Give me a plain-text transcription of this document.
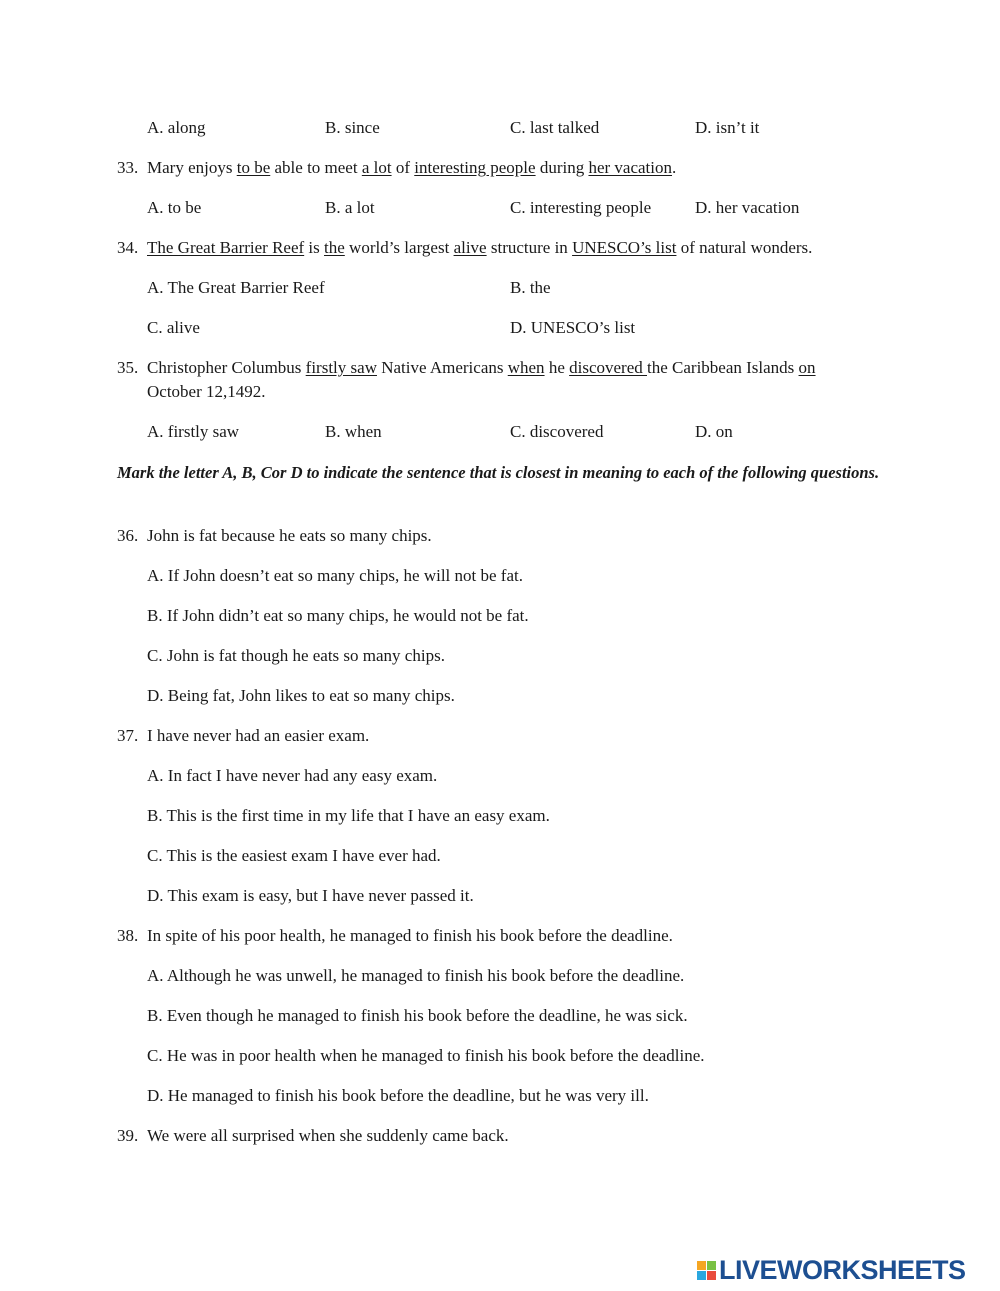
A. along	B. since	C. last talked	D. isn’t it
33. Mary enjoys to be able to meet a lot of interesting people during her vacation.
A. to be	B. a lot	C. interesting people	D. her vacation
34. The Great Barrier Reef is the world’s largest alive structure in UNESCO’s list of natural wonders.
A. The Great Barrier Reef	B. the
C. alive	D. UNESCO’s list
35. Christopher Columbus firstly saw Native Americans when he discovered the Caribbean Islands on
October 12,1492.
A. firstly saw	B. when	C. discovered	D. on
Mark the letter A, B, Cor D to indicate the sentence that is closest in meaning to each of the following questions.
36. John is fat because he eats so many chips.
A. If John doesn’t eat so many chips, he will not be fat.
B. If John didn’t eat so many chips, he would not be fat.
C. John is fat though he eats so many chips.
D. Being fat, John likes to eat so many chips.
37. I have never had an easier exam.
A. In fact I have never had any easy exam.
B. This is the first time in my life that I have an easy exam.
C. This is the easiest exam I have ever had.
D. This exam is easy, but I have never passed it.
38. In spite of his poor health, he managed to finish his book before the deadline.
A. Although he was unwell, he managed to finish his book before the deadline.
B. Even though he managed to finish his book before the deadline, he was sick.
C. He was in poor health when he managed to finish his book before the deadline.
D. He managed to finish his book before the deadline, but he was very ill.
39. We were all surprised when she suddenly came back.
LIVEWORKSHEETS
